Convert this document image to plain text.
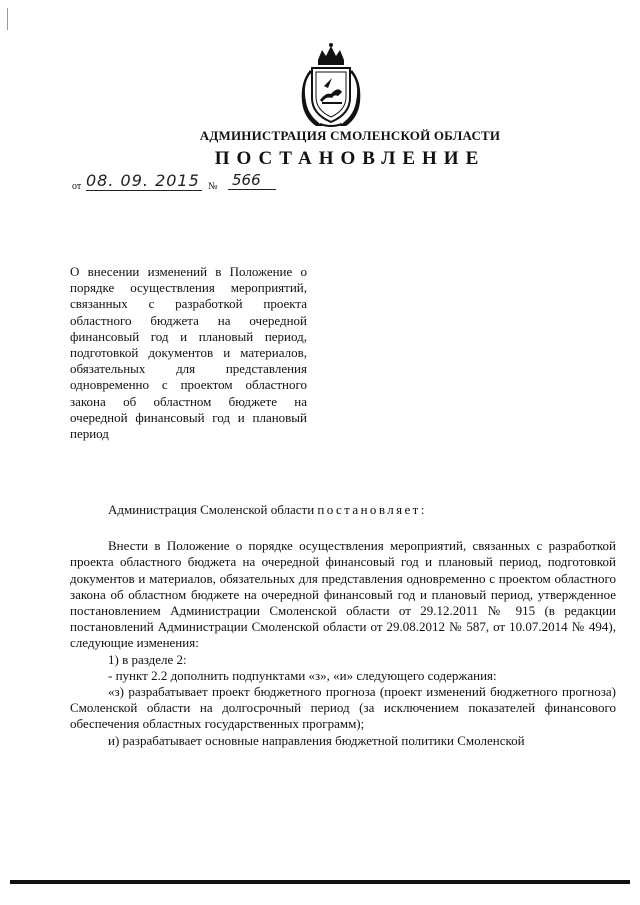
АДМИНИСТРАЦИЯ СМОЛЕНСКОЙ ОБЛАСТИ
ПОСТАНОВЛЕНИЕ
от 08. 09. 2015 № 566

О внесении изменений в Положение о порядке осуществления мероприятий, связанных с разработкой проекта областного бюджета на очередной финансовый год и плановый период, подготовкой документов и материалов, обязательных для представления одновременно с проектом областного закона об областном бюджете на очередной финансовый год и плановый период

Администрация Смоленской области постановляет:

Внести в Положение о порядке осуществления мероприятий, связанных с разработкой проекта областного бюджета на очередной финансовый год и плановый период, подготовкой документов и материалов, обязательных для представления одновременно с проектом областного закона об областном бюджете на очередной финансовый год и плановый период, утвержденное постановлением Администрации Смоленской области от 29.12.2011 № 915 (в редакции постановлений Администрации Смоленской области от 29.08.2012 № 587, от 10.07.2014 № 494), следующие изменения:

1) в разделе 2:

- пункт 2.2 дополнить подпунктами «з», «и» следующего содержания:

«з) разрабатывает проект бюджетного прогноза (проект изменений бюджетного прогноза) Смоленской области на долгосрочный период (за исключением показателей финансового обеспечения областных государственных программ);

и) разрабатывает основные направления бюджетной политики Смоленской
